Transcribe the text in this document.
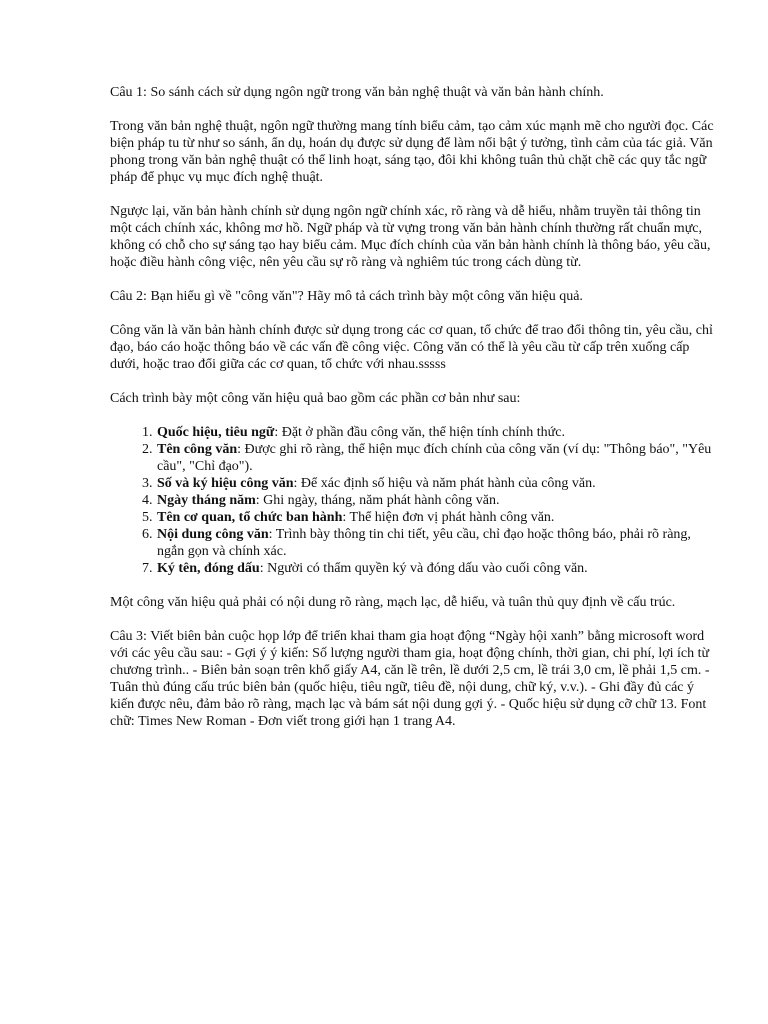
Câu 1: So sánh cách sử dụng ngôn ngữ trong văn bản nghệ thuật và văn bản hành chính.

Trong văn bản nghệ thuật, ngôn ngữ thường mang tính biểu cảm, tạo cảm xúc mạnh mẽ cho người đọc. Các biện pháp tu từ như so sánh, ẩn dụ, hoán dụ được sử dụng để làm nổi bật ý tưởng, tình cảm của tác giả. Văn phong trong văn bản nghệ thuật có thể linh hoạt, sáng tạo, đôi khi không tuân thủ chặt chẽ các quy tắc ngữ pháp để phục vụ mục đích nghệ thuật.

Ngược lại, văn bản hành chính sử dụng ngôn ngữ chính xác, rõ ràng và dễ hiểu, nhằm truyền tải thông tin một cách chính xác, không mơ hồ. Ngữ pháp và từ vựng trong văn bản hành chính thường rất chuẩn mực, không có chỗ cho sự sáng tạo hay biểu cảm. Mục đích chính của văn bản hành chính là thông báo, yêu cầu, hoặc điều hành công việc, nên yêu cầu sự rõ ràng và nghiêm túc trong cách dùng từ.

Câu 2: Bạn hiểu gì về "công văn"? Hãy mô tả cách trình bày một công văn hiệu quả.

Công văn là văn bản hành chính được sử dụng trong các cơ quan, tổ chức để trao đổi thông tin, yêu cầu, chỉ đạo, báo cáo hoặc thông báo về các vấn đề công việc. Công văn có thể là yêu cầu từ cấp trên xuống cấp dưới, hoặc trao đổi giữa các cơ quan, tổ chức với nhau.sssss

Cách trình bày một công văn hiệu quả bao gồm các phần cơ bản như sau:

1. Quốc hiệu, tiêu ngữ: Đặt ở phần đầu công văn, thể hiện tính chính thức.
2. Tên công văn: Được ghi rõ ràng, thể hiện mục đích chính của công văn (ví dụ: "Thông báo", "Yêu cầu", "Chỉ đạo").
3. Số và ký hiệu công văn: Để xác định số hiệu và năm phát hành của công văn.
4. Ngày tháng năm: Ghi ngày, tháng, năm phát hành công văn.
5. Tên cơ quan, tổ chức ban hành: Thể hiện đơn vị phát hành công văn.
6. Nội dung công văn: Trình bày thông tin chi tiết, yêu cầu, chỉ đạo hoặc thông báo, phải rõ ràng, ngắn gọn và chính xác.
7. Ký tên, đóng dấu: Người có thẩm quyền ký và đóng dấu vào cuối công văn.

Một công văn hiệu quả phải có nội dung rõ ràng, mạch lạc, dễ hiểu, và tuân thủ quy định về cấu trúc.

Câu 3: Viết biên bản cuộc họp lớp để triển khai tham gia hoạt động “Ngày hội xanh” bằng microsoft word với các yêu cầu sau: - Gợi ý ý kiến: Số lượng người tham gia, hoạt động chính, thời gian, chi phí, lợi ích từ chương trình.. - Biên bản soạn trên khổ giấy A4, căn lề trên, lề dưới 2,5 cm, lề trái 3,0 cm, lề phải 1,5 cm. - Tuân thủ đúng cấu trúc biên bản (quốc hiệu, tiêu ngữ, tiêu đề, nội dung, chữ ký, v.v.). - Ghi đầy đủ các ý kiến được nêu, đảm bảo rõ ràng, mạch lạc và bám sát nội dung gợi ý. - Quốc hiệu sử dụng cỡ chữ 13. Font chữ: Times New Roman - Đơn viết trong giới hạn 1 trang A4.
